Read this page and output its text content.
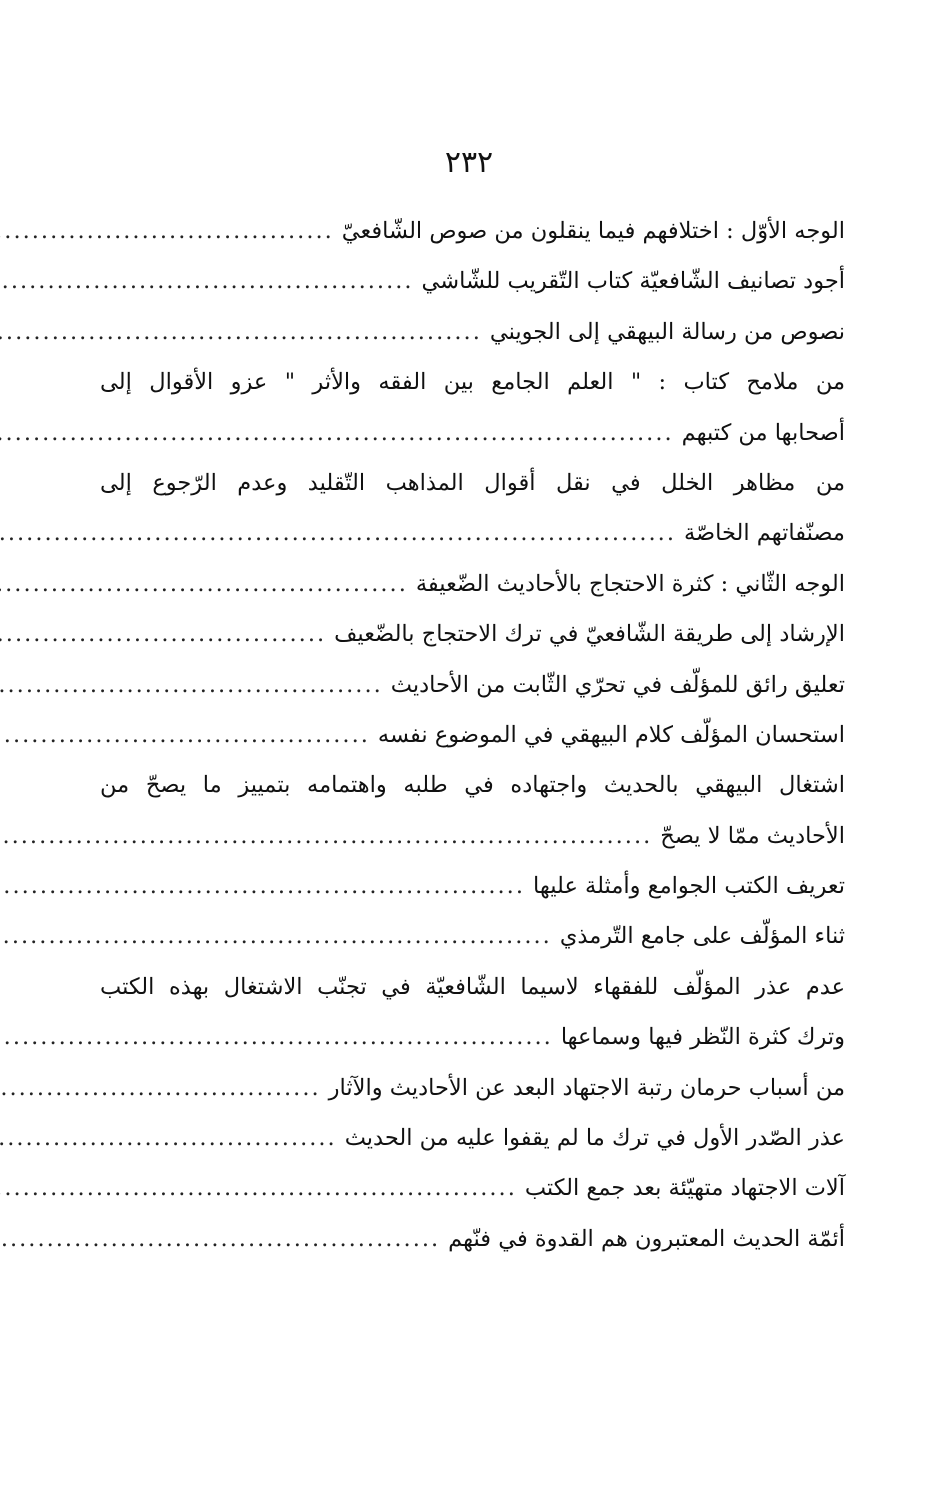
٢٣٢
الوجه الأوّل : اختلافهم فيما ينقلون من صوص الشّافعيّ
.....
أجود تصانيف الشّافعيّة كتاب التّقريب للشّاشي
.....
نصوص من رسالة البيهقي إلى الجويني
.....
من ملامح كتاب : " العلم الجامع بين الفقه والأثر " عزو الأقوال إلى
أصحابها من كتبهم
.....
من مظاهر الخلل في نقل أقوال المذاهب التّقليد وعدم الرّجوع إلى
مصنّفاتهم الخاصّة
.....
الوجه الثّاني : كثرة الاحتجاج بالأحاديث الضّعيفة
.....
الإرشاد إلى طريقة الشّافعيّ في ترك الاحتجاج بالضّعيف
.....
تعليق رائق للمؤلّف في تحرّي الثّابت من الأحاديث
.....
استحسان المؤلّف كلام البيهقي في الموضوع نفسه
.....
اشتغال البيهقي بالحديث واجتهاده في طلبه واهتمامه بتمييز ما يصحّ من
الأحاديث ممّا لا يصحّ
.....
تعريف الكتب الجوامع وأمثلة عليها
.....
ثناء المؤلّف على جامع التّرمذي
.....
عدم عذر المؤلّف للفقهاء لاسيما الشّافعيّة في تجنّب الاشتغال بهذه الكتب
وترك كثرة النّظر فيها وسماعها
.....
من أسباب حرمان رتبة الاجتهاد البعد عن الأحاديث والآثار
.....
عذر الصّدر الأول في ترك ما لم يقفوا عليه من الحديث
.....
آلات الاجتهاد متهيّئة بعد جمع الكتب
.....
أئمّة الحديث المعتبرون هم القدوة في فنّهم
.....
